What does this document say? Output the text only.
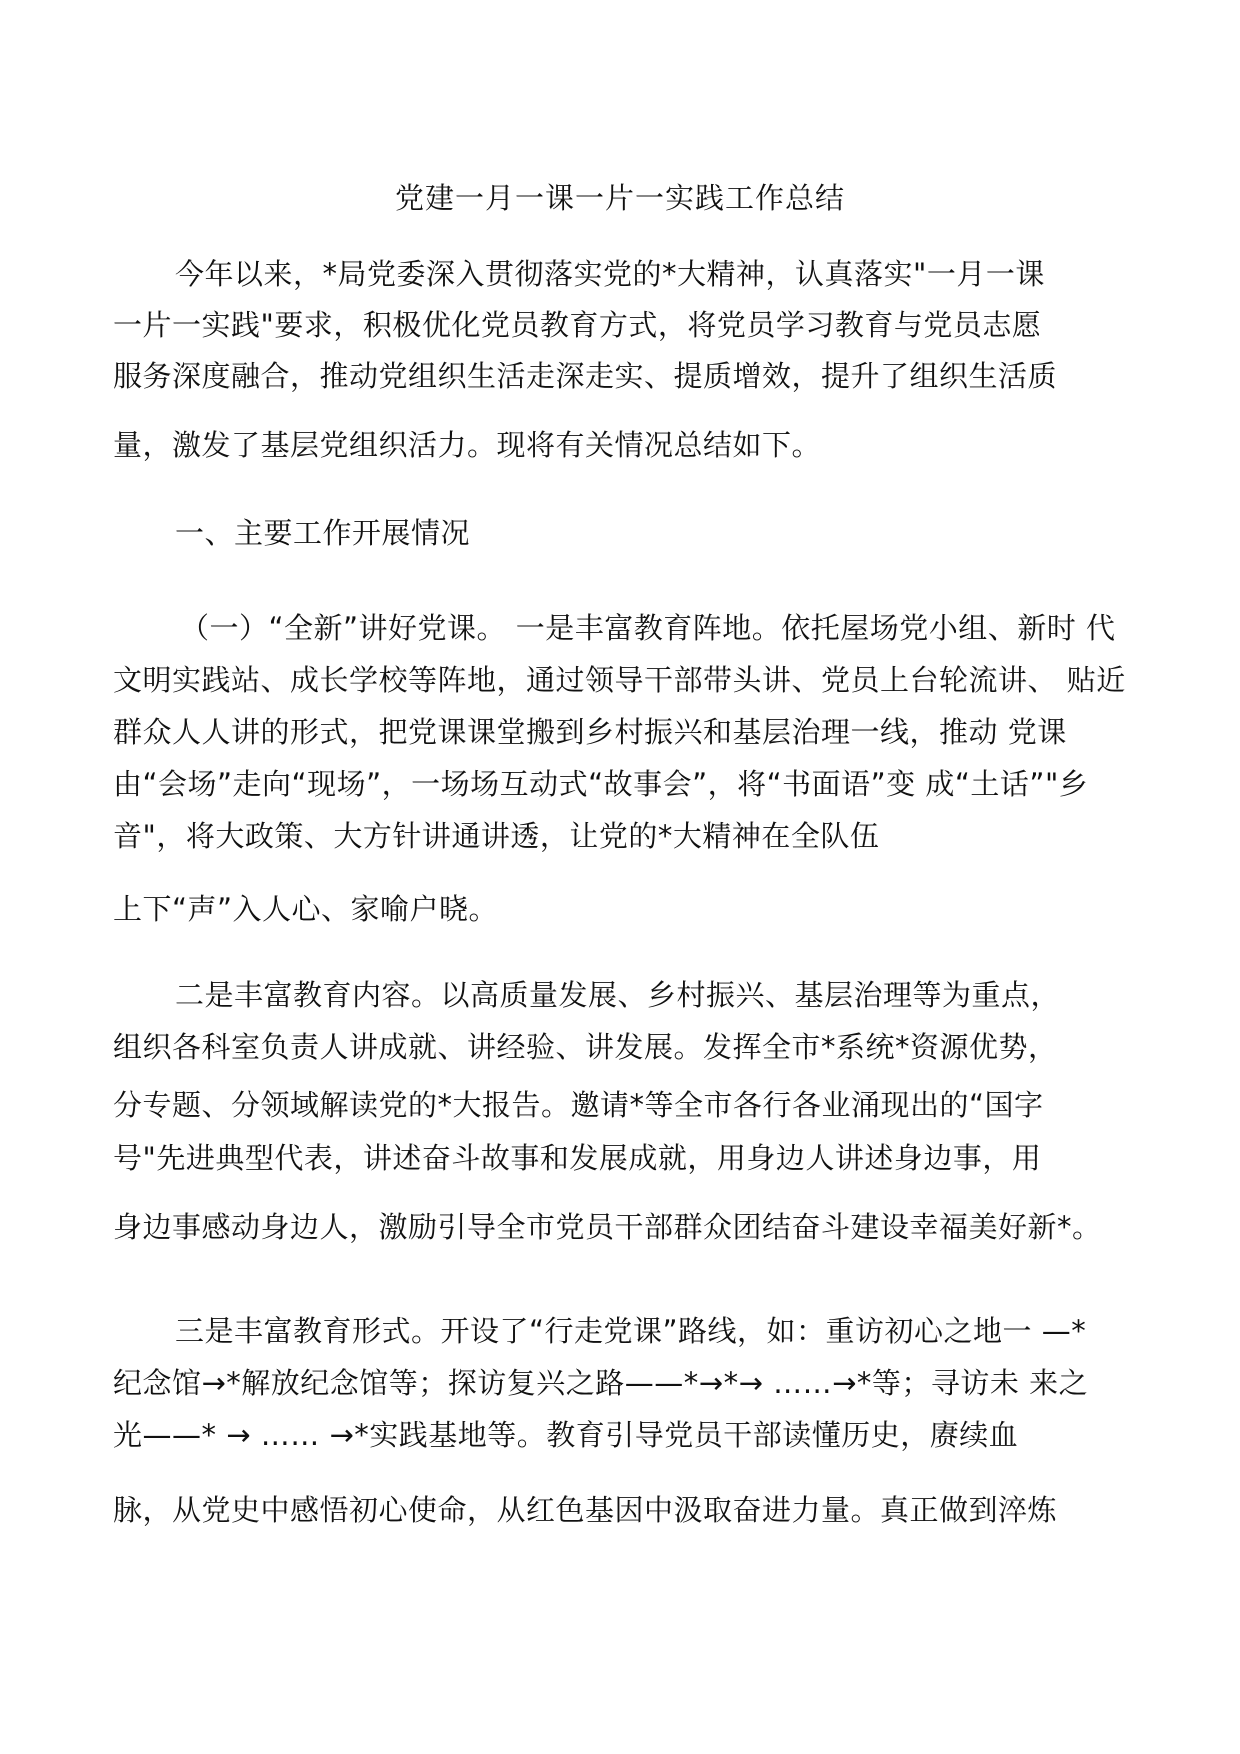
党建一月一课一片一实践工作总结
今年以来，*局党委深入贯彻落实党的*大精神，认真落实"一月一课
一片一实践"要求，积极优化党员教育方式，将党员学习教育与党员志愿
服务深度融合，推动党组织生活走深走实、提质增效，提升了组织生活质
量，激发了基层党组织活力。现将有关情况总结如下。
一、主要工作开展情况
（一）“全新”讲好党课。 一是丰富教育阵地。依托屋场党小组、新时 代
文明实践站、成长学校等阵地，通过领导干部带头讲、党员上台轮流讲、 贴近
群众人人讲的形式，把党课课堂搬到乡村振兴和基层治理一线，推动 党课
由“会场”走向“现场”，一场场互动式“故事会”，将“书面语”变 成“土话”"乡
音"，将大政策、大方针讲通讲透，让党的*大精神在全队伍
上下“声”入人心、家喻户晓。
二是丰富教育内容。以高质量发展、乡村振兴、基层治理等为重点，
组织各科室负责人讲成就、讲经验、讲发展。发挥全市*系统*资源优势，
分专题、分领域解读党的*大报告。邀请*等全市各行各业涌现出的“国字
号"先进典型代表，讲述奋斗故事和发展成就，用身边人讲述身边事，用
身边事感动身边人，激励引导全市党员干部群众团结奋斗建设幸福美好新*。
三是丰富教育形式。开设了“行走党课”路线，如：重访初心之地一 —*
纪念馆→*解放纪念馆等；探访复兴之路——*→*→ ……→*等；寻访未 来之
光——* → …… →*实践基地等。教育引导党员干部读懂历史，赓续血
脉，从党史中感悟初心使命，从红色基因中汲取奋进力量。真正做到淬炼
